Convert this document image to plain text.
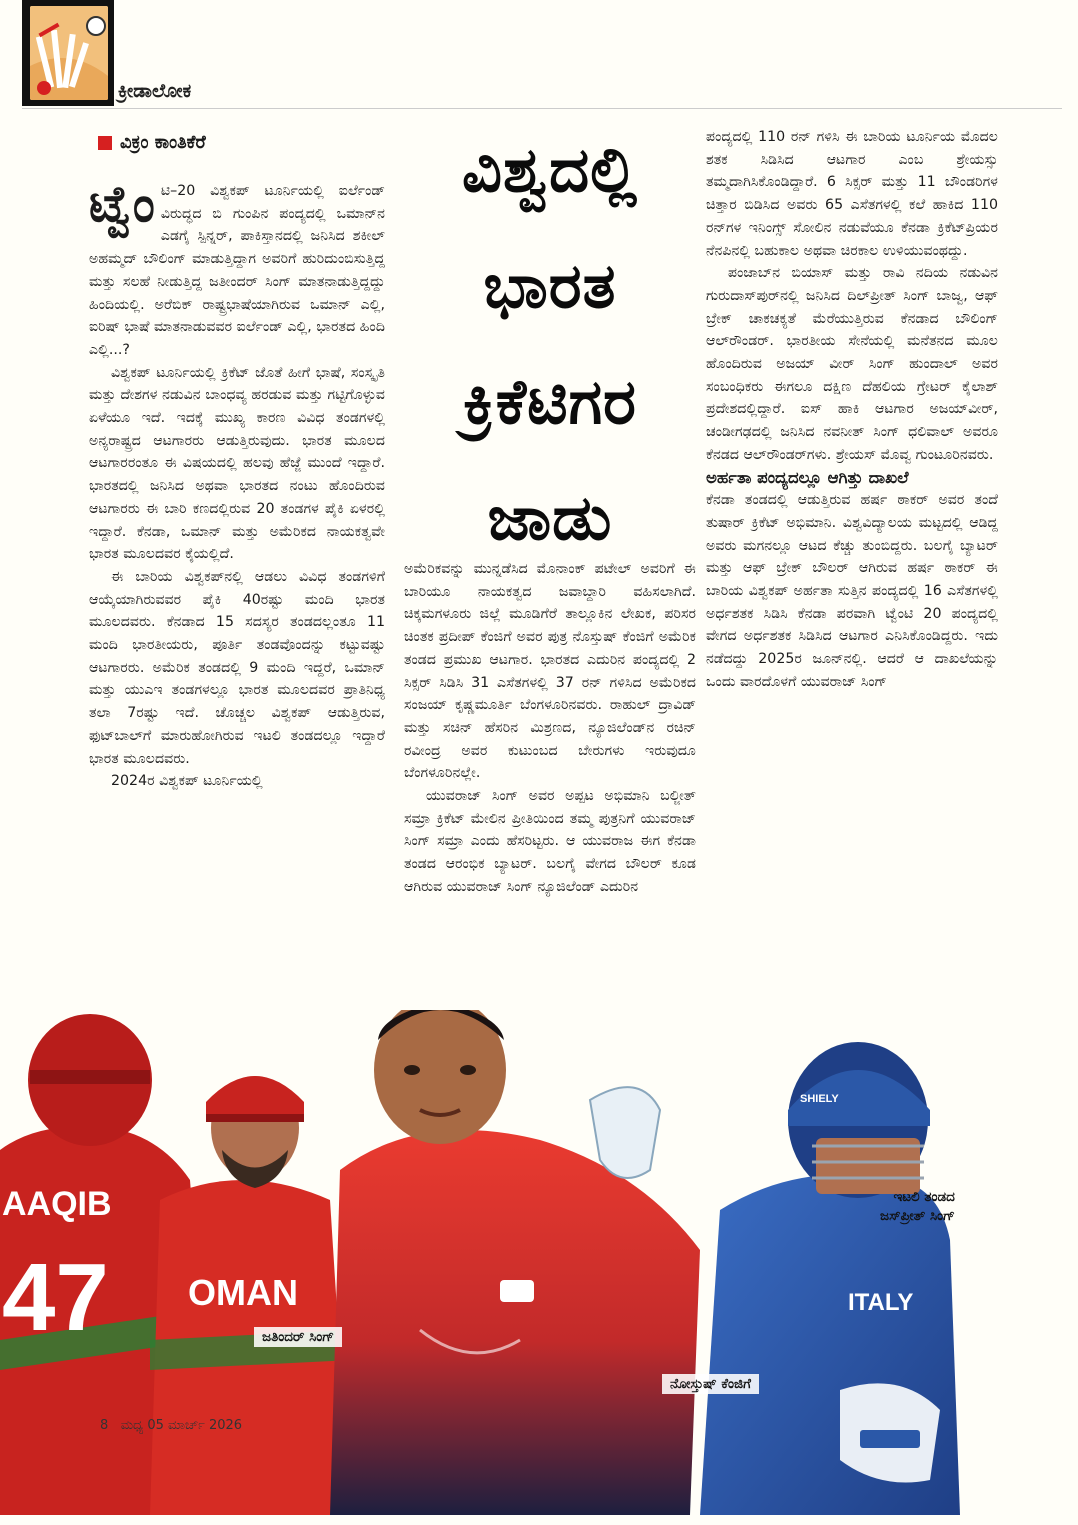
ಕ್ರೀಡಾಲೋಕ
ವಿಕ್ರಂ ಕಾಂತಿಕೆರೆ	ವಿಶ್ವದಲ್ಲಿ
ಭಾರತ
ಕ್ರಿಕೆಟಿಗರ
ಜಾಡು

ಟ್ವೆಂ ಟಿ–20 ವಿಶ್ವಕಪ್ ಟೂರ್ನಿಯಲ್ಲಿ ಐರ್ಲೆಂಡ್ ವಿರುದ್ಧದ ಬಿ ಗುಂಪಿನ ಪಂದ್ಯದಲ್ಲಿ ಒಮಾನ್‌ನ ಎಡಗೈ ಸ್ಪಿನ್ನರ್, ಪಾಕಿಸ್ತಾನದಲ್ಲಿ ಜನಿಸಿದ ಶಕೀಲ್ ಅಹಮ್ಮದ್ ಬೌಲಿಂಗ್ ಮಾಡುತ್ತಿದ್ದಾಗ ಅವರಿಗೆ ಹುರಿದುಂಬಿಸುತ್ತಿದ್ದ ಮತ್ತು ಸಲಹೆ ನೀಡುತ್ತಿದ್ದ ಜತೀಂದರ್ ಸಿಂಗ್ ಮಾತನಾಡುತ್ತಿದ್ದದ್ದು ಹಿಂದಿಯಲ್ಲಿ. ಅರೆಬಿಕ್ ರಾಷ್ಟ್ರಭಾಷೆಯಾಗಿರುವ ಒಮಾನ್ ಎಲ್ಲಿ, ಐರಿಷ್ ಭಾಷೆ ಮಾತನಾಡುವವರ ಐರ್ಲೆಂಡ್ ಎಲ್ಲಿ, ಭಾರತದ ಹಿಂದಿ ಎಲ್ಲಿ...?

ವಿಶ್ವಕಪ್ ಟೂರ್ನಿಯಲ್ಲಿ ಕ್ರಿಕೆಟ್ ಜೊತೆ ಹೀಗೆ ಭಾಷೆ, ಸಂಸ್ಕೃತಿ ಮತ್ತು ದೇಶಗಳ ನಡುವಿನ ಬಾಂಧವ್ಯ ಹರಡುವ ಮತ್ತು ಗಟ್ಟಿಗೊಳ್ಳುವ ಏಳೆಯೂ ಇದೆ. ಇದಕ್ಕೆ ಮುಖ್ಯ ಕಾರಣ ವಿವಿಧ ತಂಡಗಳಲ್ಲಿ ಅನ್ಯರಾಷ್ಟ್ರದ ಆಟಗಾರರು ಆಡುತ್ತಿರುವುದು. ಭಾರತ ಮೂಲದ ಆಟಗಾರರಂತೂ ಈ ವಿಷಯದಲ್ಲಿ ಹಲವು ಹೆಜ್ಜೆ ಮುಂದೆ ಇದ್ದಾರೆ. ಭಾರತದಲ್ಲಿ ಜನಿಸಿದ ಅಥವಾ ಭಾರತದ ನಂಟು ಹೊಂದಿರುವ ಆಟಗಾರರು ಈ ಬಾರಿ ಕಣದಲ್ಲಿರುವ 20 ತಂಡಗಳ ಪೈಕಿ ಏಳರಲ್ಲಿ ಇದ್ದಾರೆ. ಕೆನಡಾ, ಒಮಾನ್ ಮತ್ತು ಅಮೆರಿಕದ ನಾಯಕತ್ವವೇ ಭಾರತ ಮೂಲದವರ ಕೈಯಲ್ಲಿದೆ.

ಈ ಬಾರಿಯ ವಿಶ್ವಕಪ್‌ನಲ್ಲಿ ಆಡಲು ವಿವಿಧ ತಂಡಗಳಿಗೆ ಆಯ್ಕೆಯಾಗಿರುವವರ ಪೈಕಿ 40ರಷ್ಟು ಮಂದಿ ಭಾರತ ಮೂಲದವರು. ಕೆನಡಾದ 15 ಸದಸ್ಯರ ತಂಡದಲ್ಲಂತೂ 11 ಮಂದಿ ಭಾರತೀಯರು, ಪೂರ್ತಿ ತಂಡವೊಂದನ್ನು ಕಟ್ಟುವಷ್ಟು ಆಟಗಾರರು. ಅಮೆರಿಕ ತಂಡದಲ್ಲಿ 9 ಮಂದಿ ಇದ್ದರೆ, ಒಮಾನ್ ಮತ್ತು ಯುಎಇ ತಂಡಗಳಲ್ಲೂ ಭಾರತ ಮೂಲದವರ ಪ್ರಾತಿನಿಧ್ಯ ತಲಾ 7ರಷ್ಟು ಇದೆ. ಚೊಚ್ಚಲ ವಿಶ್ವಕಪ್ ಆಡುತ್ತಿರುವ, ಫುಟ್‌ಬಾಲ್‌ಗೆ ಮಾರುಹೋಗಿರುವ ಇಟಲಿ ತಂಡದಲ್ಲೂ ಇದ್ದಾರೆ ಭಾರತ ಮೂಲದವರು.

2024ರ ವಿಶ್ವಕಪ್ ಟೂರ್ನಿಯಲ್ಲಿ

ಅಮೆರಿಕವನ್ನು ಮುನ್ನಡೆಸಿದ ಮೊನಾಂಕ್ ಪಟೇಲ್ ಅವರಿಗೆ ಈ ಬಾರಿಯೂ ನಾಯಕತ್ವದ ಜವಾಬ್ದಾರಿ ವಹಿಸಲಾಗಿದೆ. ಚಿಕ್ಕಮಗಳೂರು ಜಿಲ್ಲೆ ಮೂಡಿಗೆರೆ ತಾಲ್ಲೂಕಿನ ಲೇಖಕ, ಪರಿಸರ ಚಿಂತಕ ಪ್ರದೀಪ್ ಕೆಂಜಿಗೆ ಅವರ ಪುತ್ರ ನೊಸ್ತುಷ್ ಕೆಂಜಿಗೆ ಅಮೆರಿಕ ತಂಡದ ಪ್ರಮುಖ ಆಟಗಾರ. ಭಾರತದ ಎದುರಿನ ಪಂದ್ಯದಲ್ಲಿ 2 ಸಿಕ್ಸರ್ ಸಿಡಿಸಿ 31 ಎಸೆತಗಳಲ್ಲಿ 37 ರನ್ ಗಳಿಸಿದ ಅಮೆರಿಕದ ಸಂಜಯ್ ಕೃಷ್ಣಮೂರ್ತಿ ಬೆಂಗಳೂರಿನವರು. ರಾಹುಲ್ ದ್ರಾವಿಡ್ ಮತ್ತು ಸಚಿನ್ ಹೆಸರಿನ ಮಿಶ್ರಣದ, ನ್ಯೂಜಿಲೆಂಡ್‌ನ ರಚಿನ್ ರವೀಂದ್ರ ಅವರ ಕುಟುಂಬದ ಬೇರುಗಳು ಇರುವುದೂ ಬೆಂಗಳೂರಿನಲ್ಲೇ.

ಯುವರಾಜ್ ಸಿಂಗ್ ಅವರ ಅಪ್ಪಟ ಅಭಿಮಾನಿ ಬಲ್ಜೀತ್ ಸಮ್ರಾ ಕ್ರಿಕೆಟ್ ಮೇಲಿನ ಪ್ರೀತಿಯಿಂದ ತಮ್ಮ ಪುತ್ರನಿಗೆ ಯುವರಾಜ್ ಸಿಂಗ್ ಸಮ್ರಾ ಎಂದು ಹೆಸರಿಟ್ಟರು. ಆ ಯುವರಾಜ ಈಗ ಕೆನಡಾ ತಂಡದ ಆರಂಭಿಕ ಬ್ಯಾಟರ್. ಬಲಗೈ ವೇಗದ ಬೌಲರ್ ಕೂಡ ಆಗಿರುವ ಯುವರಾಜ್ ಸಿಂಗ್ ನ್ಯೂಜಿಲೆಂಡ್ ಎದುರಿನ

ಪಂದ್ಯದಲ್ಲಿ 110 ರನ್ ಗಳಿಸಿ ಈ ಬಾರಿಯ ಟೂರ್ನಿಯ ಮೊದಲ ಶತಕ ಸಿಡಿಸಿದ ಆಟಗಾರ ಎಂಬ ಶ್ರೇಯಸ್ಸು ತಮ್ಮದಾಗಿಸಿಕೊಂಡಿದ್ದಾರೆ. 6 ಸಿಕ್ಸರ್ ಮತ್ತು 11 ಬೌಂಡರಿಗಳ ಚಿತ್ತಾರ ಬಿಡಿಸಿದ ಅವರು 65 ಎಸೆತಗಳಲ್ಲಿ ಕಲೆ ಹಾಕಿದ 110 ರನ್‌ಗಳ ಇನಿಂಗ್ಸ್ ಸೋಲಿನ ನಡುವೆಯೂ ಕೆನಡಾ ಕ್ರಿಕೆಟ್‌ಪ್ರಿಯರ ನೆನಪಿನಲ್ಲಿ ಬಹುಕಾಲ ಅಥವಾ ಚಿರಕಾಲ ಉಳಿಯುವಂಥದ್ದು.

ಪಂಜಾಬ್‌ನ ಬಿಯಾಸ್ ಮತ್ತು ರಾವಿ ನದಿಯ ನಡುವಿನ ಗುರುದಾಸ್‌ಪುರ್‌ನಲ್ಲಿ ಜನಿಸಿದ ದಿಲ್‌ಪ್ರೀತ್ ಸಿಂಗ್ ಬಾಜ್ವ, ಆಫ್ ಬ್ರೇಕ್ ಚಾಕಚಕ್ಯತೆ ಮೆರೆಯುತ್ತಿರುವ ಕೆನಡಾದ ಬೌಲಿಂಗ್ ಆಲ್‌ರೌಂಡರ್. ಭಾರತೀಯ ಸೇನೆಯಲ್ಲಿ ಮನೆತನದ ಮೂಲ ಹೊಂದಿರುವ ಅಜಯ್ ವೀರ್ ಸಿಂಗ್ ಹುಂದಾಲ್ ಅವರ ಸಂಬಂಧಿಕರು ಈಗಲೂ ದಕ್ಷಿಣ ದೆಹಲಿಯ ಗ್ರೇಟರ್ ಕೈಲಾಶ್ ಪ್ರದೇಶದಲ್ಲಿದ್ದಾರೆ. ಐಸ್ ಹಾಕಿ ಆಟಗಾರ ಅಜಯ್‌ವೀರ್, ಚಂಡೀಗಢದಲ್ಲಿ ಜನಿಸಿದ ನವನೀತ್ ಸಿಂಗ್ ಧಲಿವಾಲ್ ಅವರೂ ಕೆನಡದ ಆಲ್‌ರೌಂಡರ್‌ಗಳು. ಶ್ರೇಯಸ್ ಮೊವ್ವ ಗುಂಟೂರಿನವರು.

ಅರ್ಹತಾ ಪಂದ್ಯದಲ್ಲೂ ಆಗಿತ್ತು ದಾಖಲೆ

ಕೆನಡಾ ತಂಡದಲ್ಲಿ ಆಡುತ್ತಿರುವ ಹರ್ಷ ಠಾಕರ್ ಅವರ ತಂದೆ ತುಷಾರ್ ಕ್ರಿಕೆಟ್ ಅಭಿಮಾನಿ. ವಿಶ್ವವಿದ್ಯಾಲಯ ಮಟ್ಟದಲ್ಲಿ ಆಡಿದ್ದ ಅವರು ಮಗನಲ್ಲೂ ಆಟದ ಕೆಚ್ಚು ತುಂಬಿದ್ದರು. ಬಲಗೈ ಬ್ಯಾಟರ್ ಮತ್ತು ಆಫ್ ಬ್ರೇಕ್ ಬೌಲರ್ ಆಗಿರುವ ಹರ್ಷ ಠಾಕರ್ ಈ ಬಾರಿಯ ವಿಶ್ವಕಪ್ ಅರ್ಹತಾ ಸುತ್ತಿನ ಪಂದ್ಯದಲ್ಲಿ 16 ಎಸೆತಗಳಲ್ಲಿ ಅರ್ಧಶತಕ ಸಿಡಿಸಿ ಕೆನಡಾ ಪರವಾಗಿ ಟ್ವೆಂಟಿ 20 ಪಂದ್ಯದಲ್ಲಿ ವೇಗದ ಅರ್ಧಶತಕ ಸಿಡಿಸಿದ ಆಟಗಾರ ಎನಿಸಿಕೊಂಡಿದ್ದರು. ಇದು ನಡೆದದ್ದು 2025ರ ಜೂನ್‌ನಲ್ಲಿ. ಆದರೆ ಆ ದಾಖಲೆಯನ್ನು ಒಂದು ವಾರದೊಳಗೆ ಯುವರಾಜ್ ಸಿಂಗ್

AAQIB
47 OMAN
SHIELY
ITALY
ಜತಿಂದರ್ ಸಿಂಗ್
ನೋಸ್ತುಷ್ ಕೆಂಜಿಗೆ
ಇಟಲಿ ತಂಡದ
ಜಸ್‌ಪ್ರೀತ್ ಸಿಂಗ್
8 ಮಧ್ಯ 05 ಮಾರ್ಚ್ 2026
